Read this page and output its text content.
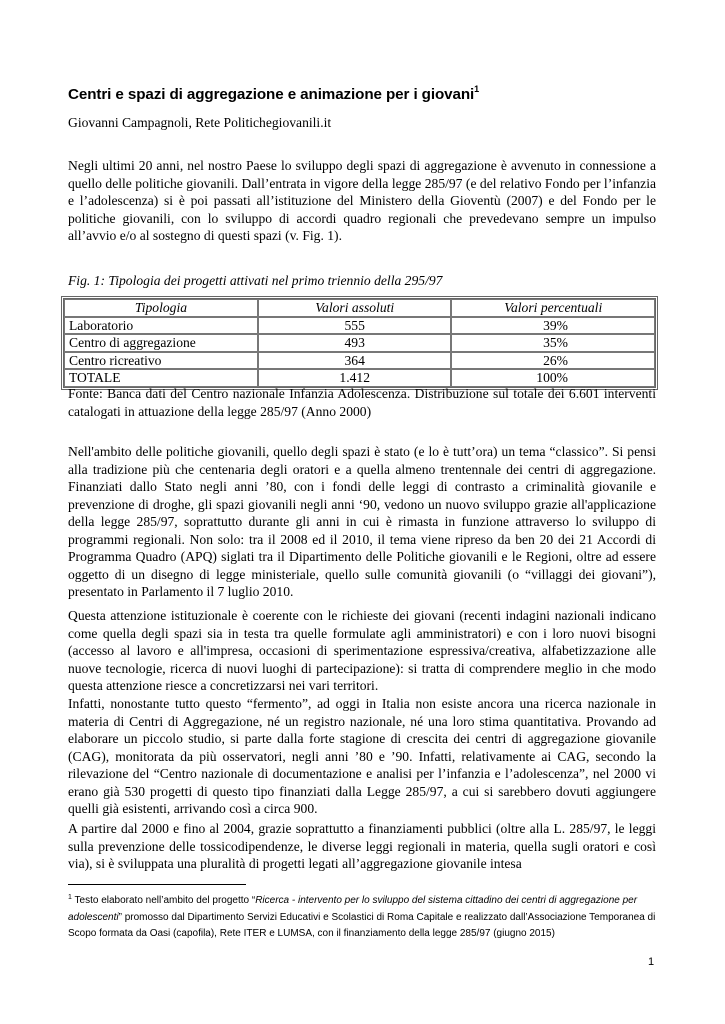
Centri e spazi di aggregazione e animazione per i giovani$^1$

Giovanni Campagnoli, Rete Politichegiovanili.it

Negli ultimi 20 anni, nel nostro Paese lo sviluppo degli spazi di aggregazione è avvenuto in connessione a quello delle politiche giovanili. Dall’entrata in vigore della legge 285/97 (e del relativo Fondo per l’infanzia e l’adolescenza) si è poi passati all’istituzione del Ministero della Gioventù (2007) e del Fondo per le politiche giovanili, con lo sviluppo di accordi quadro regionali che prevedevano sempre un impulso all’avvio e/o al sostegno di questi spazi (v. Fig. 1).

Fig. 1: Tipologia dei progetti attivati nel primo triennio della 295/97

Tipologia	Valori assoluti	Valori percentuali
Laboratorio	555	39%
Centro di aggregazione	493	35%
Centro ricreativo	364	26%
TOTALE	1.412	100%

Fonte: Banca dati del Centro nazionale Infanzia Adolescenza. Distribuzione sul totale dei 6.601 interventi catalogati in attuazione della legge 285/97 (Anno 2000)

Nell'ambito delle politiche giovanili, quello degli spazi è stato (e lo è tutt’ora) un tema “classico”. Si pensi alla tradizione più che centenaria degli oratori e a quella almeno trentennale dei centri di aggregazione. Finanziati dallo Stato negli anni ’80, con i fondi delle leggi di contrasto a criminalità giovanile e prevenzione di droghe, gli spazi giovanili negli anni ‘90, vedono un nuovo sviluppo grazie all'applicazione della legge 285/97, soprattutto durante gli anni in cui è rimasta in funzione attraverso lo sviluppo di programmi regionali. Non solo: tra il 2008 ed il 2010, il tema viene ripreso da ben 20 dei 21 Accordi di Programma Quadro (APQ) siglati tra il Dipartimento delle Politiche giovanili e le Regioni, oltre ad essere oggetto di un disegno di legge ministeriale, quello sulle comunità giovanili (o “villaggi dei giovani”), presentato in Parlamento il 7 luglio 2010.

Questa attenzione istituzionale è coerente con le richieste dei giovani (recenti indagini nazionali indicano come quella degli spazi sia in testa tra quelle formulate agli amministratori) e con i loro nuovi bisogni (accesso al lavoro e all'impresa, occasioni di sperimentazione espressiva/creativa, alfabetizzazione alle nuove tecnologie, ricerca di nuovi luoghi di partecipazione): si tratta di comprendere meglio in che modo questa attenzione riesce a concretizzarsi nei vari territori.

Infatti, nonostante tutto questo “fermento”, ad oggi in Italia non esiste ancora una ricerca nazionale in materia di Centri di Aggregazione, né un registro nazionale, né una loro stima quantitativa. Provando ad elaborare un piccolo studio, si parte dalla forte stagione di crescita dei centri di aggregazione giovanile (CAG), monitorata da più osservatori, negli anni ’80 e ’90. Infatti, relativamente ai CAG, secondo la rilevazione del “Centro nazionale di documentazione e analisi per l’infanzia e l’adolescenza”, nel 2000 vi erano già 530 progetti di questo tipo finanziati dalla Legge 285/97, a cui si sarebbero dovuti aggiungere quelli già esistenti, arrivando così a circa 900.

A partire dal 2000 e fino al 2004, grazie soprattutto a finanziamenti pubblici (oltre alla L. 285/97, le leggi sulla prevenzione delle tossicodipendenze, le diverse leggi regionali in materia, quella sugli oratori e così via), si è sviluppata una pluralità di progetti legati all’aggregazione giovanile intesa

$^1$ Testo elaborato nell’ambito del progetto “Ricerca - intervento per lo sviluppo del sistema cittadino dei centri di aggregazione per adolescenti” promosso dal Dipartimento Servizi Educativi e Scolastici di Roma Capitale e realizzato dall’Associazione Temporanea di Scopo formata da Oasi (capofila), Rete ITER e LUMSA, con il finanziamento della legge 285/97 (giugno 2015)

1
